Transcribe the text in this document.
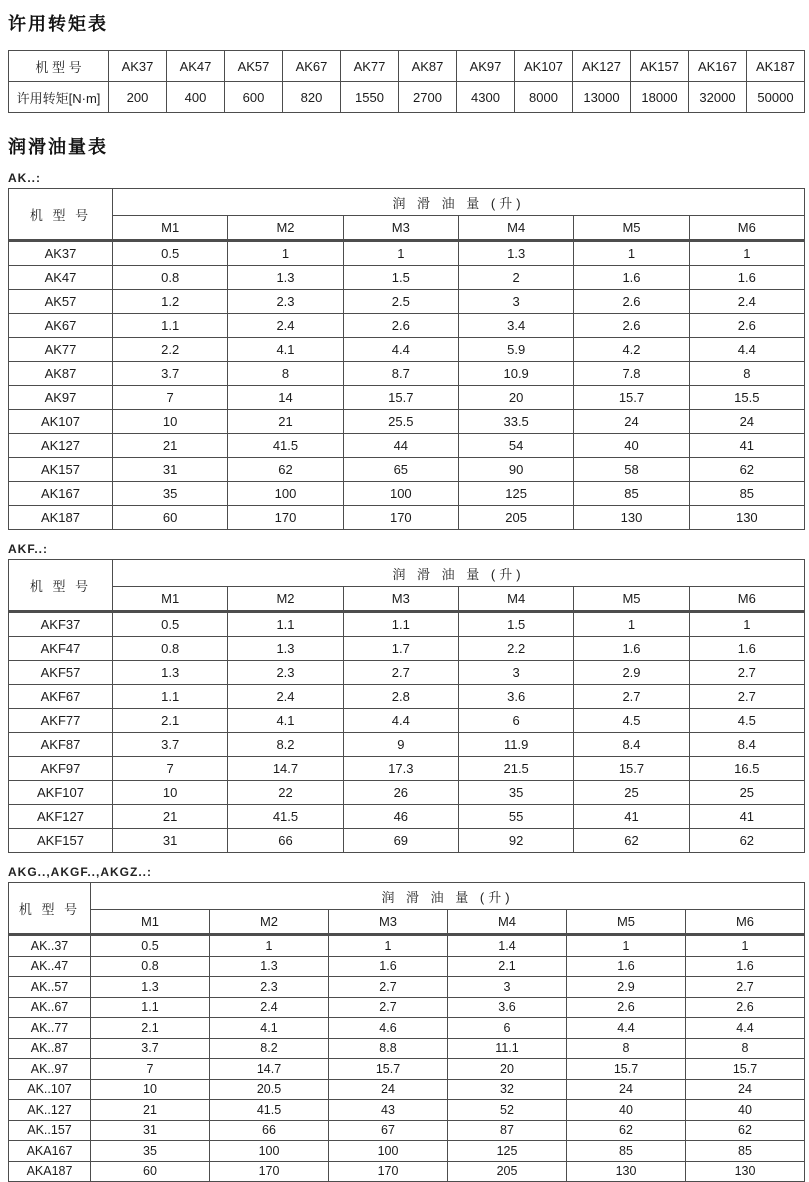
许用转矩表
机 型 号	AK37	AK47	AK57	AK67	AK77	AK87	AK97	AK107	AK127	AK157	AK167	AK187
许用转矩[N·m]	200	400	600	820	1550	2700	4300	8000	13000	18000	32000	50000
润滑油量表
AK..:
机 型 号	润 滑 油 量 (升)					
	M1	M2	M3	M4	M5	M6
AK37	0.5	1	1	1.3	1	1
AK47	0.8	1.3	1.5	2	1.6	1.6
AK57	1.2	2.3	2.5	3	2.6	2.4
AK67	1.1	2.4	2.6	3.4	2.6	2.6
AK77	2.2	4.1	4.4	5.9	4.2	4.4
AK87	3.7	8	8.7	10.9	7.8	8
AK97	7	14	15.7	20	15.7	15.5
AK107	10	21	25.5	33.5	24	24
AK127	21	41.5	44	54	40	41
AK157	31	62	65	90	58	62
AK167	35	100	100	125	85	85
AK187	60	170	170	205	130	130
AKF..:
机 型 号	润 滑 油 量 (升)					
	M1	M2	M3	M4	M5	M6
AKF37	0.5	1.1	1.1	1.5	1	1
AKF47	0.8	1.3	1.7	2.2	1.6	1.6
AKF57	1.3	2.3	2.7	3	2.9	2.7
AKF67	1.1	2.4	2.8	3.6	2.7	2.7
AKF77	2.1	4.1	4.4	6	4.5	4.5
AKF87	3.7	8.2	9	11.9	8.4	8.4
AKF97	7	14.7	17.3	21.5	15.7	16.5
AKF107	10	22	26	35	25	25
AKF127	21	41.5	46	55	41	41
AKF157	31	66	69	92	62	62
AKG..,AKGF..,AKGZ..:
机 型 号	润 滑 油 量 (升)					
	M1	M2	M3	M4	M5	M6
AK..37	0.5	1	1	1.4	1	1
AK..47	0.8	1.3	1.6	2.1	1.6	1.6
AK..57	1.3	2.3	2.7	3	2.9	2.7
AK..67	1.1	2.4	2.7	3.6	2.6	2.6
AK..77	2.1	4.1	4.6	6	4.4	4.4
AK..87	3.7	8.2	8.8	11.1	8	8
AK..97	7	14.7	15.7	20	15.7	15.7
AK..107	10	20.5	24	32	24	24
AK..127	21	41.5	43	52	40	40
AK..157	31	66	67	87	62	62
AKA167	35	100	100	125	85	85
AKA187	60	170	170	205	130	130
